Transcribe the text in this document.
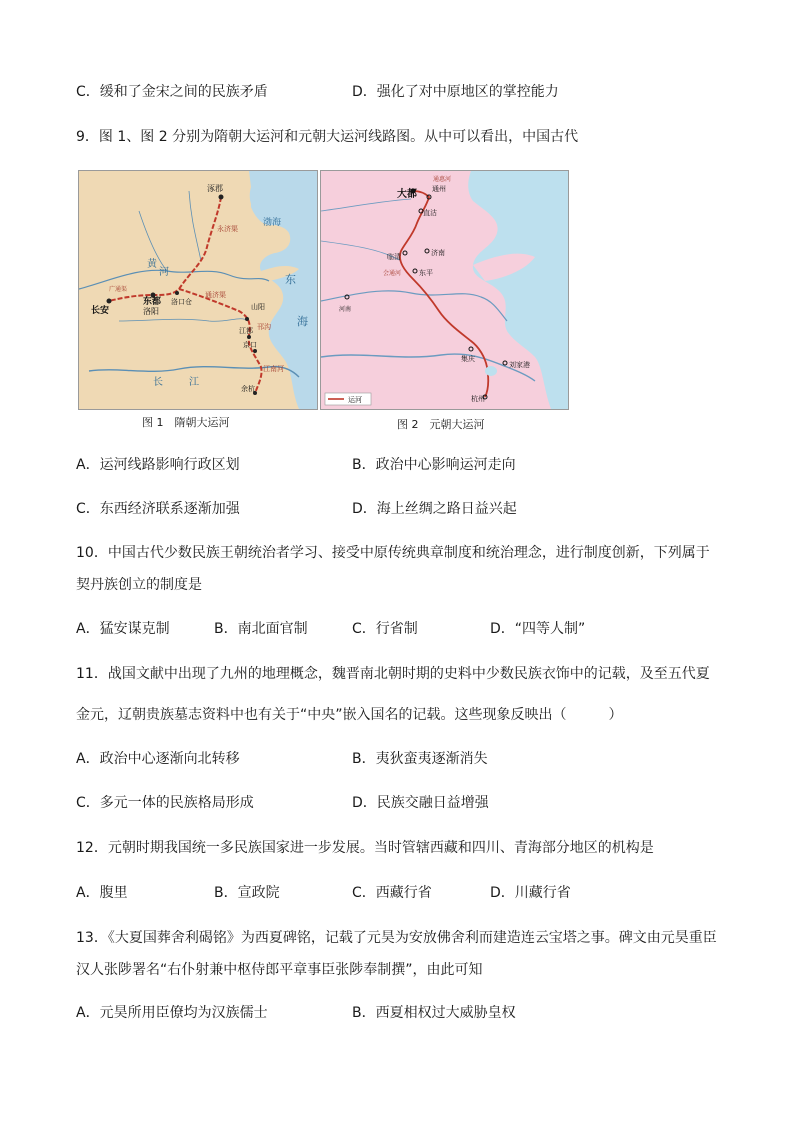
C．缓和了金宋之间的民族矛盾	D．强化了对中原地区的掌控能力
9．图 1、图 2 分别为隋朝大运河和元朝大运河线路图。从中可以看出，中国古代
涿郡
渤海
东
海
黄
河
长安
东都
洛阳
洛口仓
山阳
江都
京口
余杭
长	江
永济渠
通济渠
邗沟
江南河
广通渠
图 1　隋朝大运河
大都 通州
直沽
临清	济南
东平
河南
集庆
刘家港
杭州
通惠河
会通河
运河
图 2　元朝大运河
A．运河线路影响行政区划	B．政治中心影响运河走向
C．东西经济联系逐渐加强	D．海上丝绸之路日益兴起
10．中国古代少数民族王朝统治者学习、接受中原传统典章制度和统治理念，进行制度创新，下列属于
契丹族创立的制度是
A．猛安谋克制	B．南北面官制	C．行省制	D．“四等人制”
11．战国文献中出现了九州的地理概念，魏晋南北朝时期的史料中少数民族衣饰中的记载，及至五代夏
金元，辽朝贵族墓志资料中也有关于“中央”嵌入国名的记载。这些现象反映出（　　　）
A．政治中心逐渐向北转移	B．夷狄蛮夷逐渐消失
C．多元一体的民族格局形成	D．民族交融日益增强
12．元朝时期我国统一多民族国家进一步发展。当时管辖西藏和四川、青海部分地区的机构是
A．腹里	B．宣政院	C．西藏行省	D．川藏行省
13．《大夏国葬舍利碣铭》为西夏碑铭，记载了元昊为安放佛舍利而建造连云宝塔之事。碑文由元昊重臣
汉人张陟署名“右仆射兼中枢侍郎平章事臣张陟奉制撰”，由此可知
A．元昊所用臣僚均为汉族儒士	B．西夏相权过大威胁皇权
